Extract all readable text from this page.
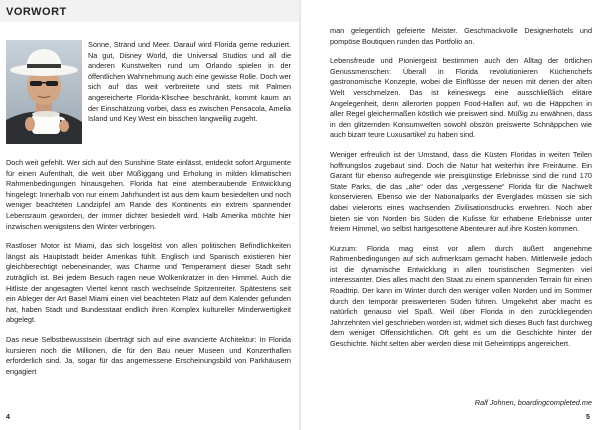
VORWORT

Sonne, Strand und Meer. Darauf wird Florida gerne reduziert. Na gut, Disney World, die Universal Studios und all die anderen Kunstwelten rund um Orlando spielen in der öffentlichen Wahrnehmung auch eine gewisse Rolle. Doch wer sich auf das weit verbreitete und stets mit Palmen angereicherte Florida-Klischee beschränkt, kommt kaum an der Einschätzung vorbei, dass es zwischen Pensacola, Amelia Island und Key West ein bisschen langweilig zugeht.

Doch weit gefehlt. Wer sich auf den Sunshine State einlässt, entdeckt sofort Argumente für einen Aufenthalt, die weit über Müßiggang und Erholung in milden klimatischen Rahmenbedingungen hinausgehen. Florida hat eine atemberaubende Entwicklung hingelegt: Innerhalb von nur einem Jahrhundert ist aus dem kaum besiedelten und noch weniger beachteten Landzipfel am Rande des Kontinents ein extrem spannender Lebensraum geworden, der immer dichter besiedelt wird. Halb Amerika möchte hier inzwischen wenigstens den Winter verbringen.

Rastloser Motor ist Miami, das sich losgelöst von allen politischen Befindlichkeiten längst als Hauptstadt beider Amerikas fühlt. Englisch und Spanisch existieren hier gleichberechtigt nebeneinander, was Charme und Temperament dieser Stadt sehr zuträglich ist. Bei jedem Besuch ragen neue Wolkenkratzer in den Himmel. Auch die Hitliste der angesagten Viertel kennt rasch wechselnde Spitzenreiter. Spätestens seit ein Ableger der Art Basel Miami einen viel beachteten Platz auf dem Kalender gefunden hat, haben Stadt und Bundesstaat endlich ihren Komplex kultureller Minderwertigkeit abgelegt.

Das neue Selbstbewusstsein überträgt sich auf eine avancierte Architektur: In Florida kursieren noch die Millionen, die für den Bau neuer Museen und Konzerthallen erforderlich sind. Ja, sogar für das angemessene Erscheinungsbild von Parkhäusern engagiert

4

man gelegentlich gefeierte Meister. Geschmackvolle Designerhotels und pompöse Boutiquen runden das Portfolio an.

Lebensfreude und Pioniergeist bestimmen auch den Alltag der örtlichen Genussmenschen: Überall in Florida revolutionieren Küchenchefs gastronomische Konzepte, wobei die Einflüsse der neuen mit denen der alten Welt verschmelzen. Das ist keineswegs eine ausschließlich elitäre Angelegenheit, denn allerorten poppen Food-Hallen auf, wo die Häppchen in aller Regel gleichermaßen köstlich wie preiswert sind. Müßig zu erwähnen, dass in den glitzernden Konsumwelten sowohl obszön preiswerte Schnäppchen wie auch bizarr teure Luxusartikel zu haben sind.

Weniger erfreulich ist der Umstand, dass die Küsten Floridas in weiten Teilen hoffnungslos zugebaut sind. Doch die Natur hat weiterhin ihre Freiräume. Ein Garant für ebenso aufregende wie preisgünstige Erlebnisse sind die rund 170 State Parks, die das „alte“ oder das „vergessene“ Florida für die Nachwelt konservieren. Ebenso wie der Nationalparks der Everglades müssen sie sich dabei vielerorts eines wachsenden Zivilisationsdrucks erwehren. Noch aber bieten sie von Norden bis Süden die Kulisse für erhabene Erlebnisse unter freiem Himmel, wo selbst hartgesottene Abenteurer auf ihre Kosten kommen.

Kurzum: Florida mag einst vor allem durch äußert angenehme Rahmenbedingungen auf sich aufmerksam gemacht haben. Mittlerweile jedoch ist die dynamische Entwicklung in allen touristischen Segmenten viel interessanter. Dies alles macht den Staat zu einem spannenden Terrain für einen Roadtrip. Der kann im Winter durch den weniger vollen Norden und im Sommer durch den temporär preiswerteren Süden führen. Umgekehrt aber macht es natürlich genauso viel Spaß. Weil über Florida in den zurückliegenden Jahrzehnten viel geschrieben worden ist, widmet sich dieses Buch fast durchweg dem weniger Offensichtlichen. Oft geht es um die Geschichte hinter der Geschichte. Nicht selten aber werden diese mit Geheimtipps angereichert.

Ralf Johnen, boardingcompleted.me
5
